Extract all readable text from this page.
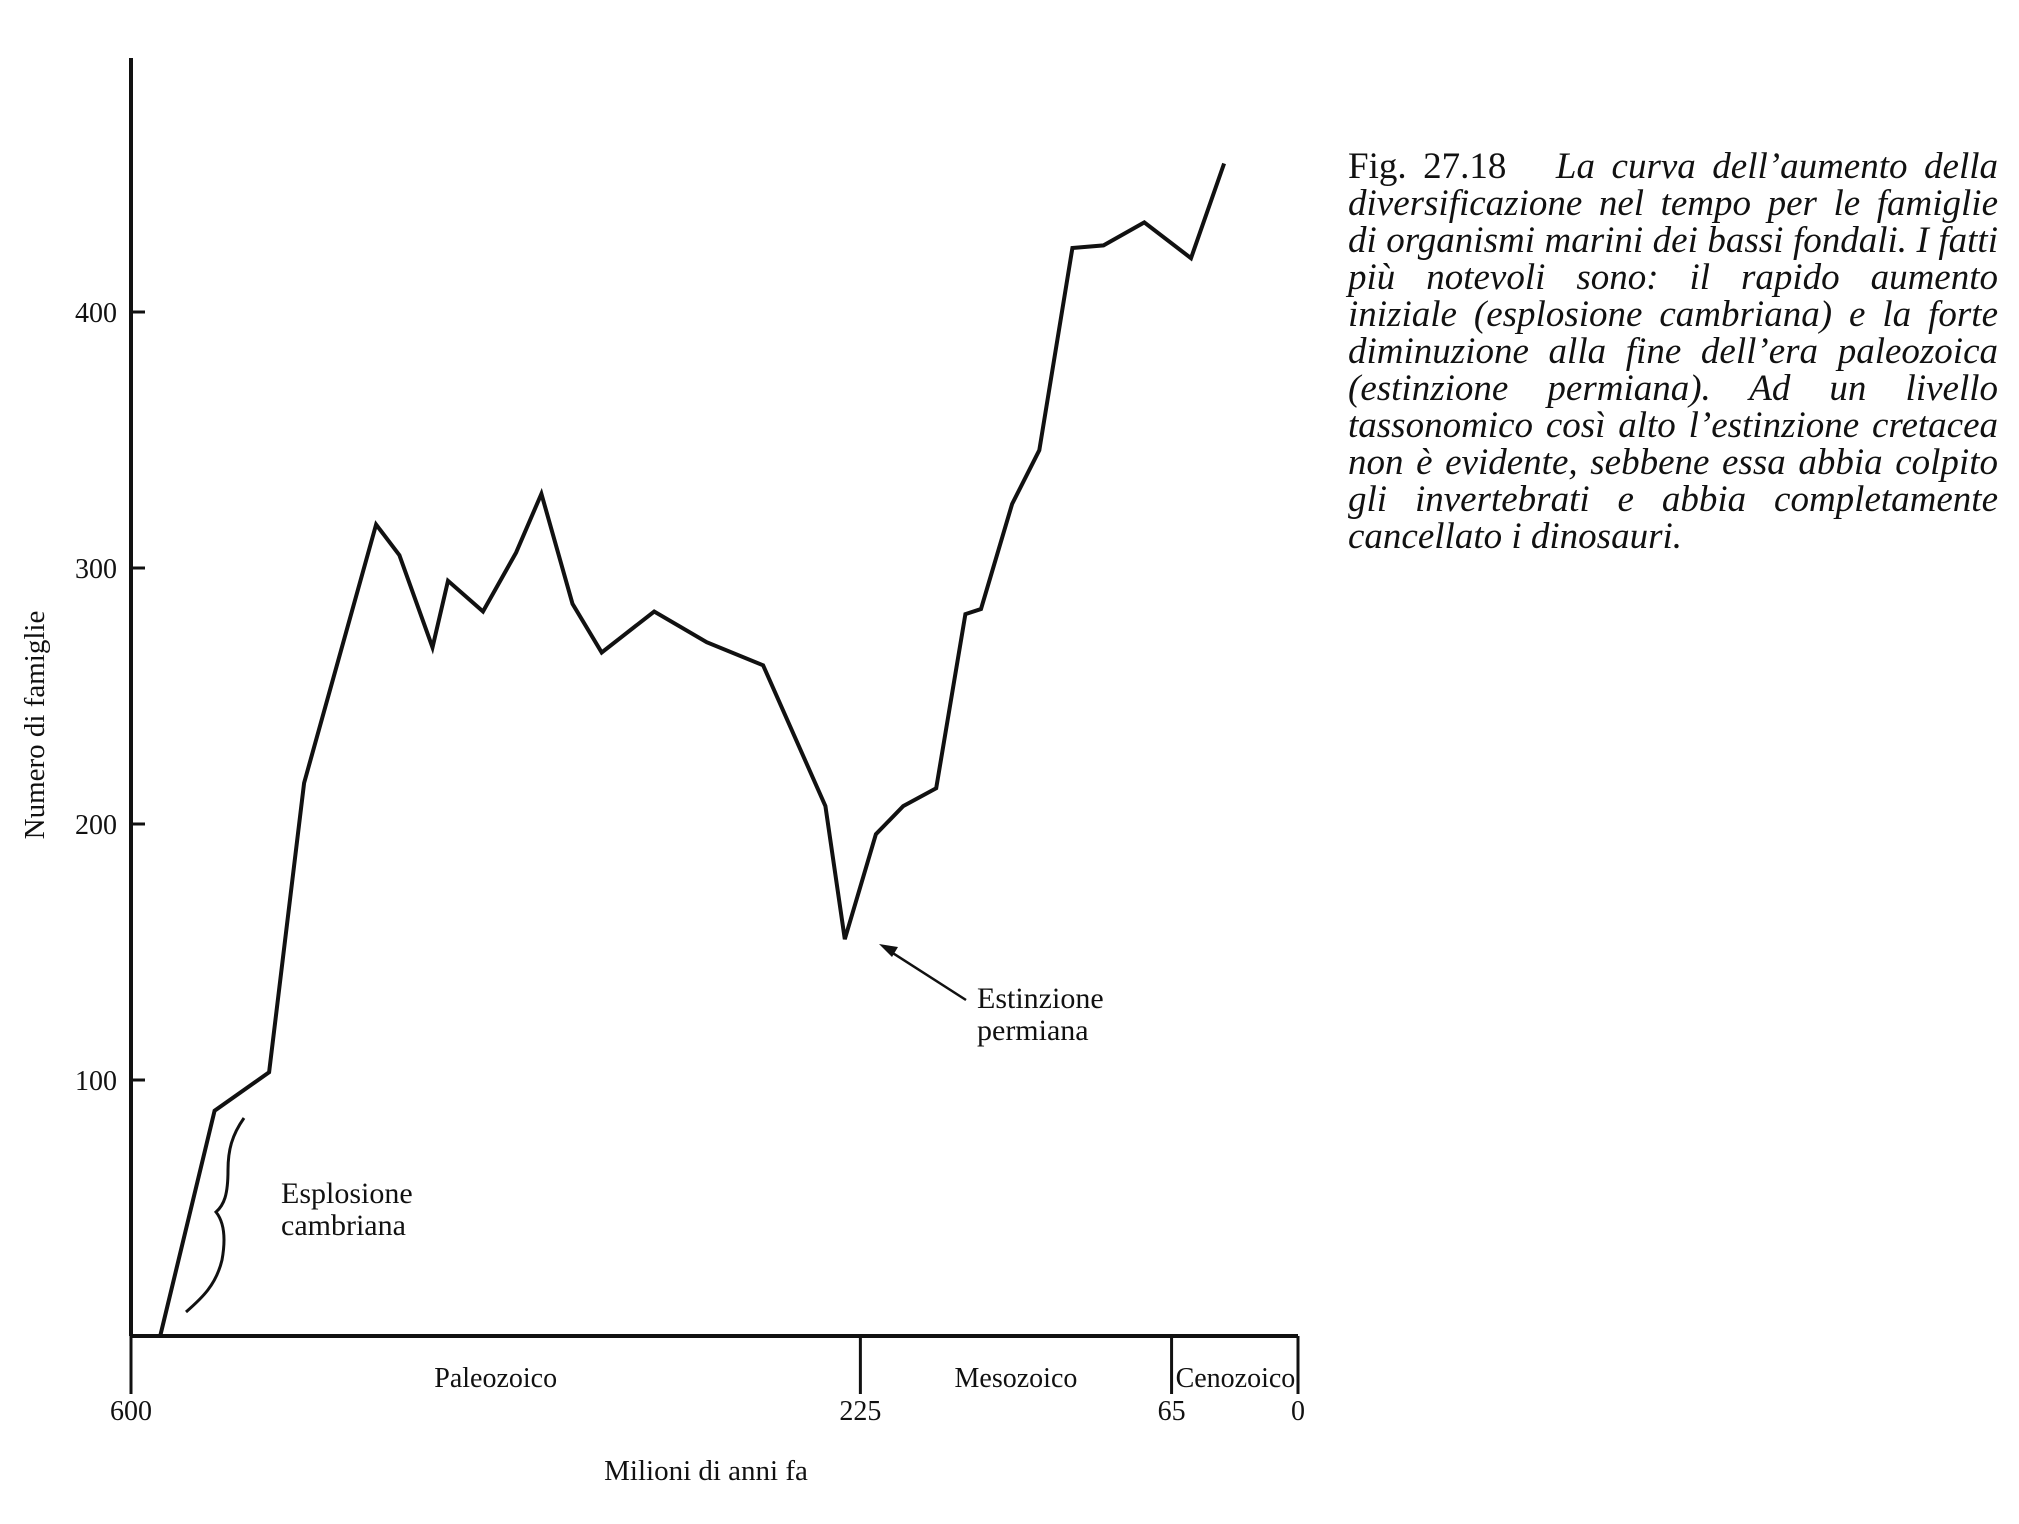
Paleozoico	Mesozoico	Cenozoico
100
200
300
400
600	225	65	0
Numero di famiglie
Milioni di anni fa
Esplosione
cambriana
Estinzione
permiana
Fig. 27.18 La curva dell’aumento della diversificazione nel tempo per le famiglie di organismi marini dei bassi fondali. I fatti più notevoli sono: il rapido aumento iniziale (esplosione cambriana) e la forte diminuzione alla fine dell’era paleozoica (estinzione permiana). Ad un livello tassonomico così alto l’estinzione cretacea non è evidente, sebbene essa abbia colpito gli invertebrati e abbia completamente cancellato i dinosauri.
